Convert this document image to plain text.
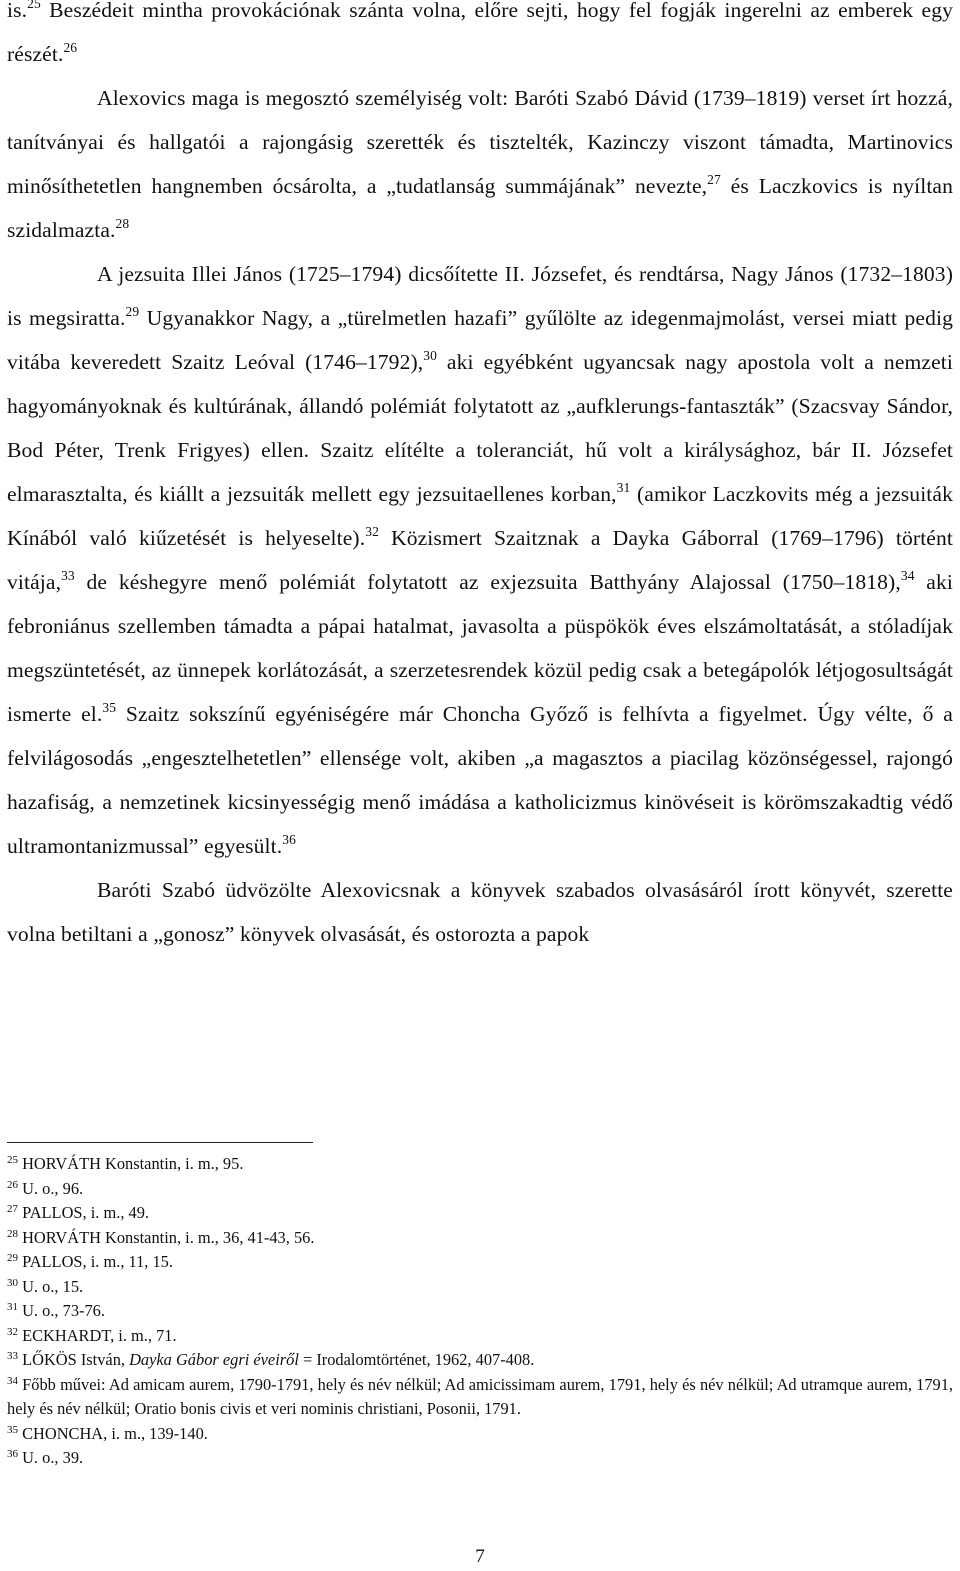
is.$^{25}$ Beszédeit mintha provokációnak szánta volna, előre sejti, hogy fel fogják ingerelni az emberek egy részét.$^{26}$

Alexovics maga is megosztó személyiség volt: Baróti Szabó Dávid (1739–1819) verset írt hozzá, tanítványai és hallgatói a rajongásig szerették és tisztelték, Kazinczy viszont támadta, Martinovics minősíthetetlen hangnemben ócsárolta, a „tudatlanság summájának” nevezte,$^{27}$ és Laczkovics is nyíltan szidalmazta.$^{28}$

A jezsuita Illei János (1725–1794) dicsőítette II. Józsefet, és rendtársa, Nagy János (1732–1803) is megsiratta.$^{29}$ Ugyanakkor Nagy, a „türelmetlen hazafi” gyűlölte az idegenmajmolást, versei miatt pedig vitába keveredett Szaitz Leóval (1746–1792),$^{30}$ aki egyébként ugyancsak nagy apostola volt a nemzeti hagyományoknak és kultúrának, állandó polémiát folytatott az „aufklerungs-fantaszták” (Szacsvay Sándor, Bod Péter, Trenk Frigyes) ellen. Szaitz elítélte a toleranciát, hű volt a királysághoz, bár II. Józsefet elmarasztalta, és kiállt a jezsuiták mellett egy jezsuitaellenes korban,$^{31}$ (amikor Laczkovits még a jezsuiták Kínából való kiűzetését is helyeselte).$^{32}$ Közismert Szaitznak a Dayka Gáborral (1769–1796) történt vitája,$^{33}$ de késhegyre menő polémiát folytatott az exjezsuita Batthyány Alajossal (1750–1818),$^{34}$ aki febroniánus szellemben támadta a pápai hatalmat, javasolta a püspökök éves elszámoltatását, a stóladíjak megszüntetését, az ünnepek korlátozását, a szerzetesrendek közül pedig csak a betegápolók létjogosultságát ismerte el.$^{35}$ Szaitz sokszínű egyéniségére már Choncha Győző is felhívta a figyelmet. Úgy vélte, ő a felvilágosodás „engesztelhetetlen” ellensége volt, akiben „a magasztos a piacilag közönségessel, rajongó hazafiság, a nemzetinek kicsinyességig menő imádása a katholicizmus kinövéseit is körömszakadtig védő ultramontanizmussal” egyesült.$^{36}$

Baróti Szabó üdvözölte Alexovicsnak a könyvek szabados olvasásáról írott könyvét, szerette volna betiltani a „gonosz” könyvek olvasását, és ostorozta a papok

$^{25}$ HORVÁTH Konstantin, i. m., 95.

$^{26}$ U. o., 96.

$^{27}$ PALLOS, i. m., 49.

$^{28}$ HORVÁTH Konstantin, i. m., 36, 41-43, 56.

$^{29}$ PALLOS, i. m., 11, 15.

$^{30}$ U. o., 15.

$^{31}$ U. o., 73-76.

$^{32}$ ECKHARDT, i. m., 71.

$^{33}$ LŐKÖS István, Dayka Gábor egri éveiről = Irodalomtörténet, 1962, 407-408.

$^{34}$ Főbb művei: Ad amicam aurem, 1790-1791, hely és név nélkül; Ad amicissimam aurem, 1791, hely és név nélkül; Ad utramque aurem, 1791, hely és név nélkül; Oratio bonis civis et veri nominis christiani, Posonii, 1791.

$^{35}$ CHONCHA, i. m., 139-140.

$^{36}$ U. o., 39.

7
